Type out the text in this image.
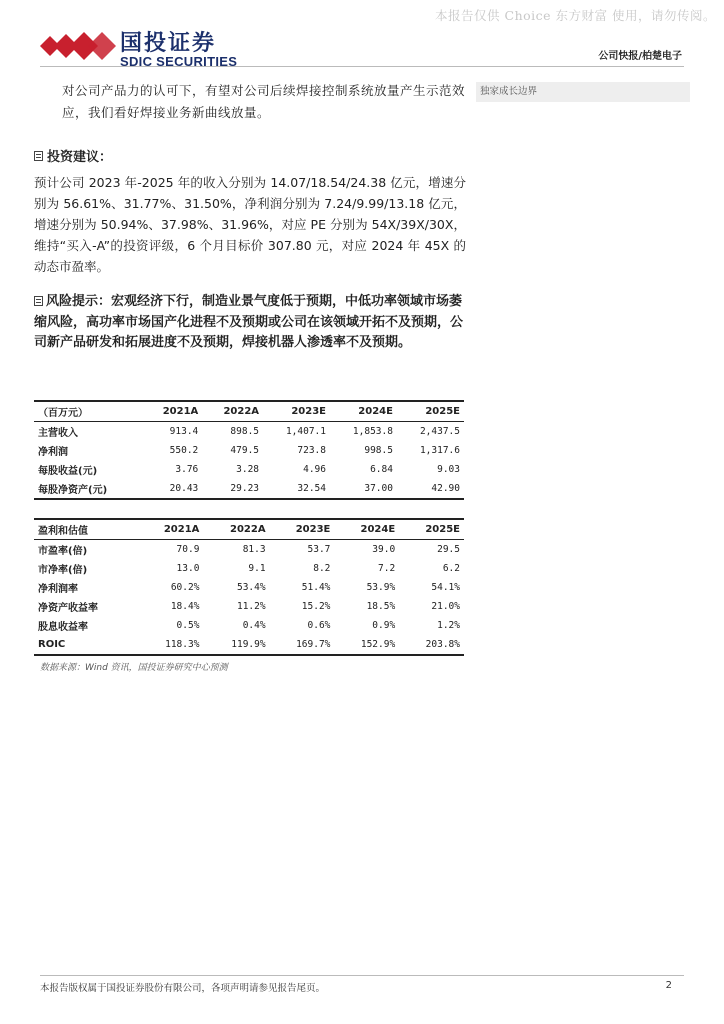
本报告仅供 Choice 东方财富 使用，请勿传阅。
国投证券
SDIC SECURITIES	公司快报/柏楚电子
独家成长边界
对公司产品力的认可下，有望对公司后续焊接控制系统放量产生示范效应，我们看好焊接业务新曲线放量。
投资建议：
预计公司 2023 年-2025 年的收入分别为 14.07/18.54/24.38 亿元，增速分别为 56.61%、31.77%、31.50%，净利润分别为 7.24/9.99/13.18 亿元，增速分别为 50.94%、37.98%、31.96%，对应 PE 分别为 54X/39X/30X，维持“买入-A”的投资评级，6 个月目标价 307.80 元，对应 2024 年 45X 的动态市盈率。
风险提示：宏观经济下行，制造业景气度低于预期，中低功率领域市场萎缩风险，高功率市场国产化进程不及预期或公司在该领域开拓不及预期，公司新产品研发和拓展进度不及预期，焊接机器人渗透率不及预期。
（百万元）	2021A	2022A	2023E	2024E	2025E
主营收入	913.4	898.5	1,407.1	1,853.8	2,437.5
净利润	550.2	479.5	723.8	998.5	1,317.6
每股收益(元)	3.76	3.28	4.96	6.84	9.03
每股净资产(元)	20.43	29.23	32.54	37.00	42.90
盈利和估值	2021A	2022A	2023E	2024E	2025E
市盈率(倍)	70.9	81.3	53.7	39.0	29.5
市净率(倍)	13.0	9.1	8.2	7.2	6.2
净利润率	60.2%	53.4%	51.4%	53.9%	54.1%
净资产收益率	18.4%	11.2%	15.2%	18.5%	21.0%
股息收益率	0.5%	0.4%	0.6%	0.9%	1.2%
ROIC	118.3%	119.9%	169.7%	152.9%	203.8%
数据来源：Wind 资讯，国投证券研究中心预测
本报告版权属于国投证券股份有限公司，各项声明请参见报告尾页。	2
